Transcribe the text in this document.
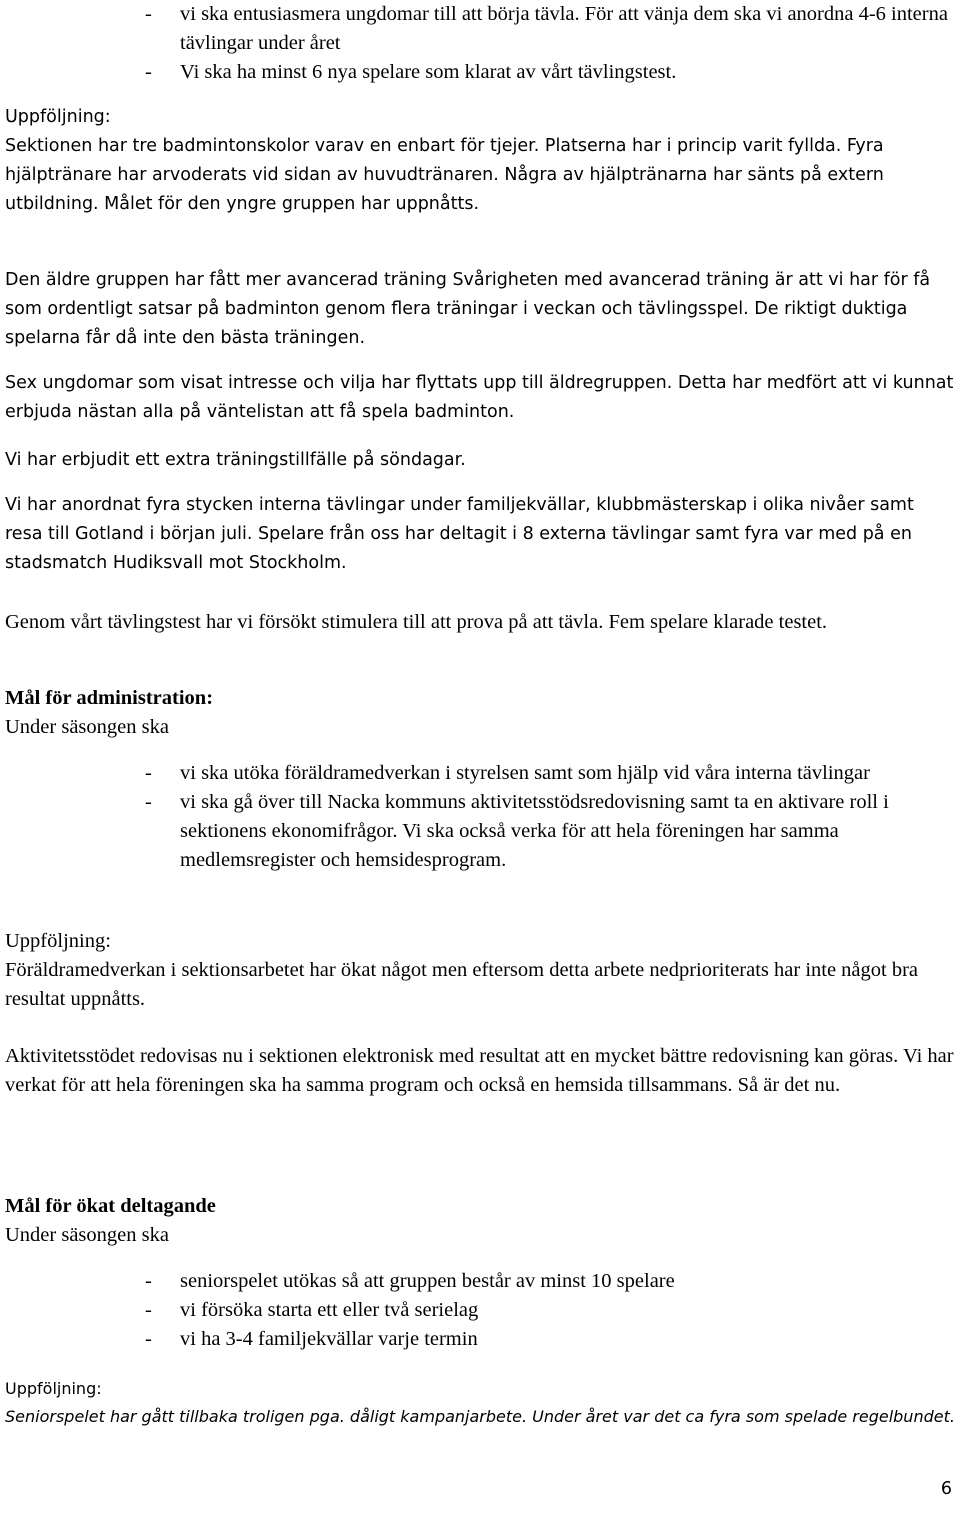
- vi ska entusiasmera ungdomar till att börja tävla. För att vänja dem ska vi anordna 4-6 interna tävlingar under året
- Vi ska ha minst 6 nya spelare som klarat av vårt tävlingstest.

Uppföljning:

Sektionen har tre badmintonskolor varav en enbart för tjejer. Platserna har i princip varit fyllda. Fyra hjälptränare har arvoderats vid sidan av huvudtränaren. Några av hjälptränarna har sänts på extern utbildning. Målet för den yngre gruppen har uppnåtts.

Den äldre gruppen har fått mer avancerad träning Svårigheten med avancerad träning är att vi har för få som ordentligt satsar på badminton genom flera träningar i veckan och tävlingsspel. De riktigt duktiga spelarna får då inte den bästa träningen.

Sex ungdomar som visat intresse och vilja har flyttats upp till äldregruppen. Detta har medfört att vi kunnat erbjuda nästan alla på väntelistan att få spela badminton.

Vi har erbjudit ett extra träningstillfälle på söndagar.

Vi har anordnat fyra stycken interna tävlingar under familjekvällar, klubbmästerskap i olika nivåer samt resa till Gotland i början juli. Spelare från oss har deltagit i 8 externa tävlingar samt fyra var med på en stadsmatch Hudiksvall mot Stockholm.

Genom vårt tävlingstest har vi försökt stimulera till att prova på att tävla. Fem spelare klarade testet.

Mål för administration:

Under säsongen ska

- vi ska utöka föräldramedverkan i styrelsen samt som hjälp vid våra interna tävlingar
- vi ska gå över till Nacka kommuns aktivitetsstödsredovisning samt ta en aktivare roll i sektionens ekonomifrågor. Vi ska också verka för att hela föreningen har samma medlemsregister och hemsidesprogram.

Uppföljning:

Föräldramedverkan i sektionsarbetet har ökat något men eftersom detta arbete nedprioriterats har inte något bra resultat uppnåtts.

Aktivitetsstödet redovisas nu i sektionen elektronisk med resultat att en mycket bättre redovisning kan göras. Vi har verkat för att hela föreningen ska ha samma program och också en hemsida tillsammans. Så är det nu.

Mål för ökat deltagande

Under säsongen ska

- seniorspelet utökas så att gruppen består av minst 10 spelare
- vi försöka starta ett eller två serielag
- vi ha 3-4 familjekvällar varje termin

Uppföljning:

Seniorspelet har gått tillbaka troligen pga. dåligt kampanjarbete. Under året var det ca fyra som spelade regelbundet.

6
